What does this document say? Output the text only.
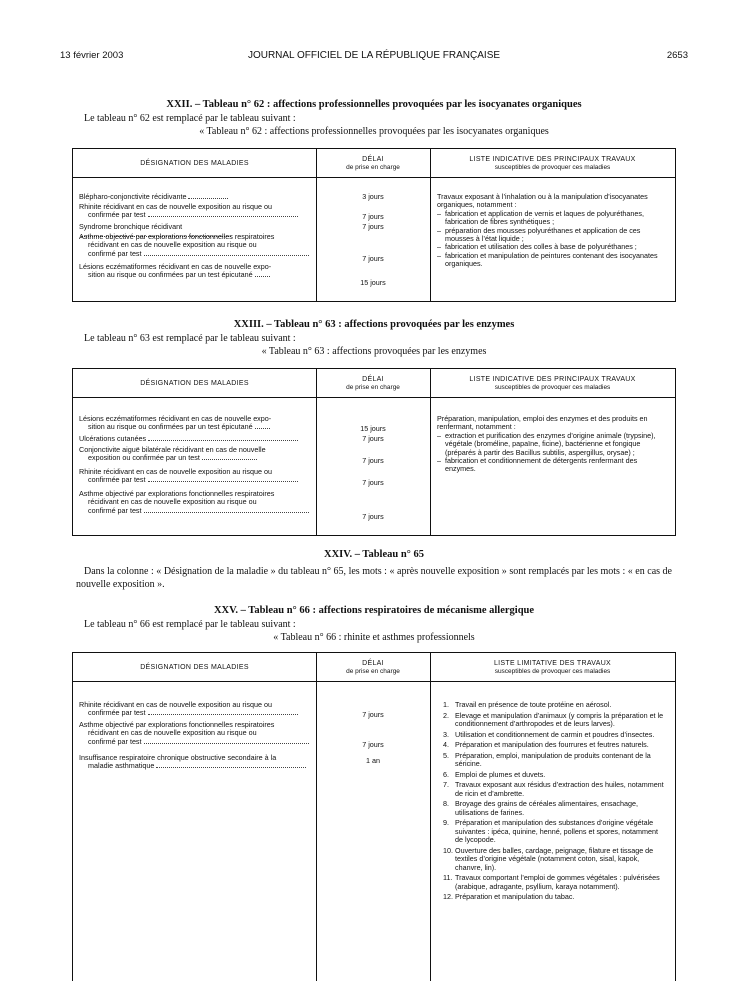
13 février 2003	JOURNAL OFFICIEL DE LA RÉPUBLIQUE FRANÇAISE	2653

XXII. – Tableau n° 62 : affections professionnelles provoquées par les isocyanates organiques

Le tableau n° 62 est remplacé par le tableau suivant :

« Tableau n° 62 : affections professionnelles provoquées par les isocyanates organiques

DÉSIGNATION DES MALADIES
DÉLAI
de prise en charge
LISTE INDICATIVE DES PRINCIPAUX TRAVAUX
susceptibles de provoquer ces maladies
Blépharo-conjonctivite récidivante
Rhinite récidivant en cas de nouvelle exposition au risque ou
confirmée par test
Syndrome bronchique récidivant
Asthme objectivé par explorations fonctionnelles respiratoires
récidivant en cas de nouvelle exposition au risque ou
confirmé par test
Lésions eczématiformes récidivant en cas de nouvelle expo-
sition au risque ou confirmées par un test épicutané
3 jours
7 jours
7 jours
7 jours
15 jours

Travaux exposant à l’inhalation ou à la manipulation d’isocyanates organiques, notamment :

– fabrication et application de vernis et laques de polyuréthanes, fabrication de fibres synthétiques ;
– préparation des mousses polyuréthanes et application de ces mousses à l’état liquide ;
– fabrication et utilisation des colles à base de polyuréthanes ;
– fabrication et manipulation de peintures contenant des isocyanates organiques.

XXIII. – Tableau n° 63 : affections provoquées par les enzymes

Le tableau n° 63 est remplacé par le tableau suivant :

« Tableau n° 63 : affections provoquées par les enzymes

DÉSIGNATION DES MALADIES
DÉLAI
de prise en charge
LISTE INDICATIVE DES PRINCIPAUX TRAVAUX
susceptibles de provoquer ces maladies
Lésions eczématiformes récidivant en cas de nouvelle expo-
sition au risque ou confirmées par un test épicutané
Ulcérations cutanées
Conjonctivite aiguë bilatérale récidivant en cas de nouvelle
exposition ou confirmée par un test
Rhinite récidivant en cas de nouvelle exposition au risque ou
confirmée par test
Asthme objectivé par explorations fonctionnelles respiratoires
récidivant en cas de nouvelle exposition au risque ou
confirmé par test
15 jours
7 jours
7 jours
7 jours
7 jours

Préparation, manipulation, emploi des enzymes et des produits en renfermant, notamment :

– extraction et purification des enzymes d’origine animale (trypsine), végétale (broméline, papaïne, ficine), bactérienne et fongique (préparés à partir des Bacillus subtilis, aspergillus, orysae) ;
– fabrication et conditionnement de détergents renfermant des enzymes.

XXIV. – Tableau n° 65

Dans la colonne : « Désignation de la maladie » du tableau n° 65, les mots : « après nouvelle exposition » sont remplacés par les mots : « en cas de nouvelle exposition ».

XXV. – Tableau n° 66 : affections respiratoires de mécanisme allergique

Le tableau n° 66 est remplacé par le tableau suivant :

« Tableau n° 66 : rhinite et asthmes professionnels

DÉSIGNATION DES MALADIES
DÉLAI
de prise en charge
LISTE LIMITATIVE DES TRAVAUX
susceptibles de provoquer ces maladies
Rhinite récidivant en cas de nouvelle exposition au risque ou
confirmée par test
Asthme objectivé par explorations fonctionnelles respiratoires
récidivant en cas de nouvelle exposition au risque ou
confirmé par test
Insuffisance respiratoire chronique obstructive secondaire à la
maladie asthmatique
7 jours
7 jours
1 an
1. Travail en présence de toute protéine en aérosol.
2. Elevage et manipulation d’animaux (y compris la préparation et le conditionnement d’arthropodes et de leurs larves).
3. Utilisation et conditionnement de carmin et poudres d’insectes.
4. Préparation et manipulation des fourrures et feutres naturels.
5. Préparation, emploi, manipulation de produits contenant de la séricine.
6. Emploi de plumes et duvets.
7. Travaux exposant aux résidus d’extraction des huiles, notamment de ricin et d’ambrette.
8. Broyage des grains de céréales alimentaires, ensachage, utilisations de farines.
9. Préparation et manipulation des substances d’origine végétale suivantes : ipéca, quinine, henné, pollens et spores, notamment de lycopode.
10. Ouverture des balles, cardage, peignage, filature et tissage de textiles d’origine végétale (notamment coton, sisal, kapok, chanvre, lin).
11. Travaux comportant l’emploi de gommes végétales : pulvérisées (arabique, adragante, psyllium, karaya notamment).
12. Préparation et manipulation du tabac.
